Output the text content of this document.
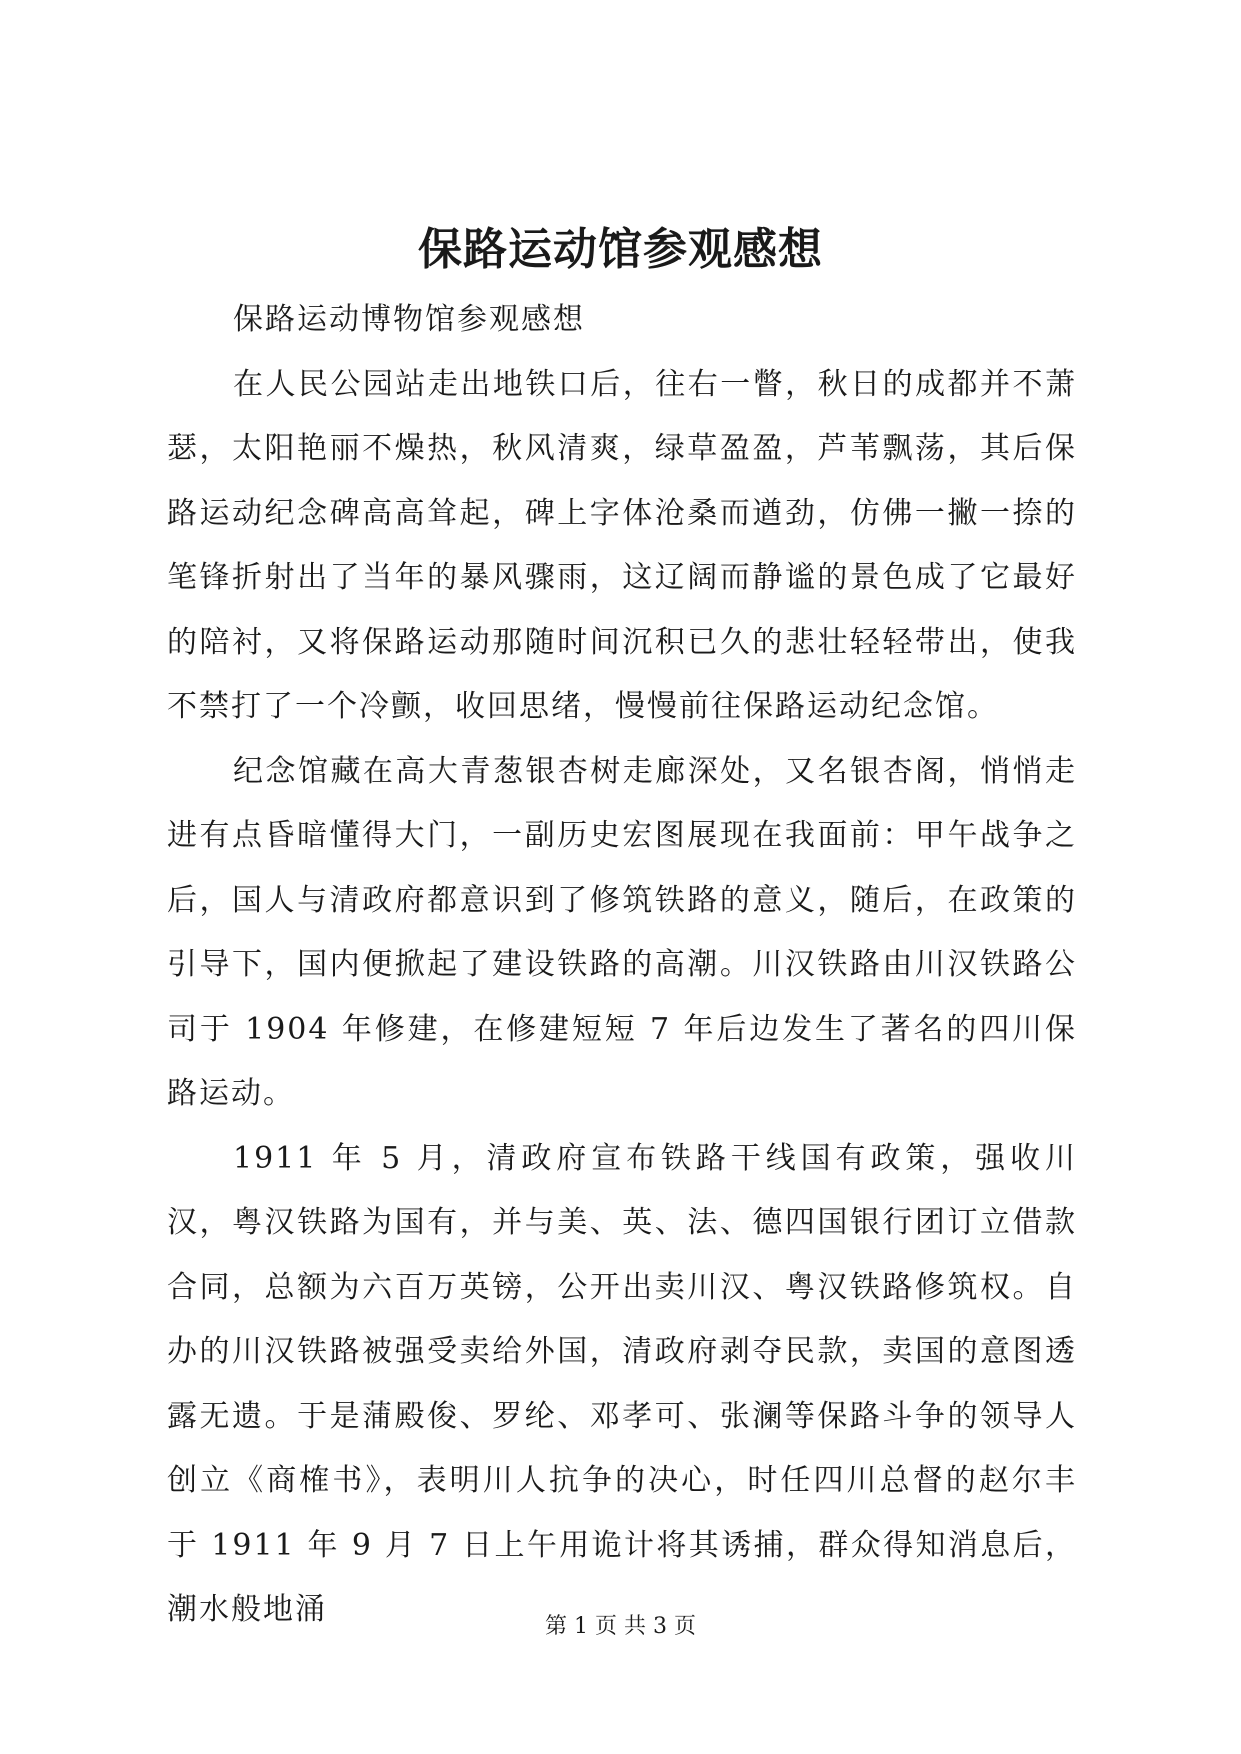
保路运动馆参观感想

保路运动博物馆参观感想

在人民公园站走出地铁口后，往右一瞥，秋日的成都并不萧瑟，太阳艳丽不燥热，秋风清爽，绿草盈盈，芦苇飘荡，其后保路运动纪念碑高高耸起，碑上字体沧桑而遒劲，仿佛一撇一捺的笔锋折射出了当年的暴风骤雨，这辽阔而静谧的景色成了它最好的陪衬，又将保路运动那随时间沉积已久的悲壮轻轻带出，使我不禁打了一个冷颤，收回思绪，慢慢前往保路运动纪念馆。

纪念馆藏在高大青葱银杏树走廊深处，又名银杏阁，悄悄走进有点昏暗懂得大门，一副历史宏图展现在我面前：甲午战争之后，国人与清政府都意识到了修筑铁路的意义，随后，在政策的引导下，国内便掀起了建设铁路的高潮。川汉铁路由川汉铁路公司于 1904 年修建，在修建短短 7 年后边发生了著名的四川保路运动。

1911 年 5 月，清政府宣布铁路干线国有政策，强收川汉，粤汉铁路为国有，并与美、英、法、德四国银行团订立借款合同，总额为六百万英镑，公开出卖川汉、粤汉铁路修筑权。自办的川汉铁路被强受卖给外国，清政府剥夺民款，卖国的意图透露无遗。于是蒲殿俊、罗纶、邓孝可、张澜等保路斗争的领导人创立《商榷书》，表明川人抗争的决心，时任四川总督的赵尔丰于 1911 年 9 月 7 日上午用诡计将其诱捕，群众得知消息后，潮水般地涌	第 1 页 共 3 页
